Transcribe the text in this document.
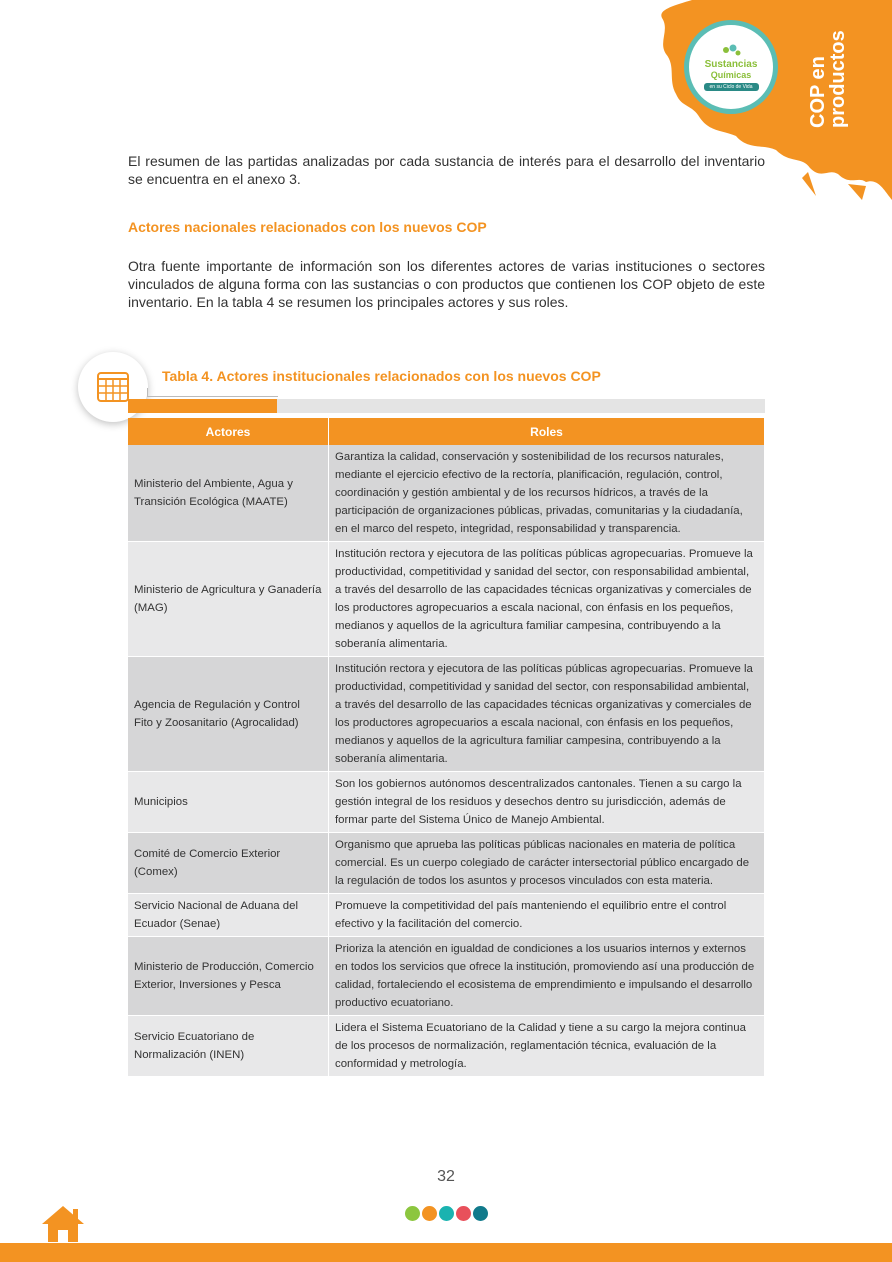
Sustancias
Químicas
en su Ciclo de Vida	COP en
productos

El resumen de las partidas analizadas por cada sustancia de interés para el desarrollo del inventario se encuentra en el anexo 3.

Actores nacionales relacionados con los nuevos COP

Otra fuente importante de información son los diferentes actores de varias instituciones o sectores vinculados de alguna forma con las sustancias o con productos que contienen los COP objeto de este inventario. En la tabla 4 se resumen los principales actores y sus roles.

Tabla 4. Actores institucionales relacionados con los nuevos COP
Actores	Roles
Ministerio del Ambiente, Agua y Transición Ecológica (MAATE)	Garantiza la calidad, conservación y sostenibilidad de los recursos naturales, mediante el ejercicio efectivo de la rectoría, planificación, regulación, control, coordinación y gestión ambiental y de los recursos hídricos, a través de la participación de organizaciones públicas, privadas, comunitarias y la ciudadanía, en el marco del respeto, integridad, responsabilidad y transparencia.
Ministerio de Agricultura y Ganadería (MAG)	Institución rectora y ejecutora de las políticas públicas agropecuarias. Promueve la productividad, competitividad y sanidad del sector, con responsabilidad ambiental, a través del desarrollo de las capacidades técnicas organizativas y comerciales de los productores agropecuarios a escala nacional, con énfasis en los pequeños, medianos y aquellos de la agricultura familiar campesina, contribuyendo a la soberanía alimentaria.
Agencia de Regulación y Control Fito y Zoosanitario (Agrocalidad)	Institución rectora y ejecutora de las políticas públicas agropecuarias. Promueve la productividad, competitividad y sanidad del sector, con responsabilidad ambiental, a través del desarrollo de las capacidades técnicas organizativas y comerciales de los productores agropecuarios a escala nacional, con énfasis en los pequeños, medianos y aquellos de la agricultura familiar campesina, contribuyendo a la soberanía alimentaria.
Municipios	Son los gobiernos autónomos descentralizados cantonales. Tienen a su cargo la gestión integral de los residuos y desechos dentro su jurisdicción, además de formar parte del Sistema Único de Manejo Ambiental.
Comité de Comercio Exterior (Comex)	Organismo que aprueba las políticas públicas nacionales en materia de política comercial. Es un cuerpo colegiado de carácter intersectorial público encargado de la regulación de todos los asuntos y procesos vinculados con esta materia.
Servicio Nacional de Aduana del Ecuador (Senae)	Promueve la competitividad del país manteniendo el equilibrio entre el control efectivo y la facilitación del comercio.
Ministerio de Producción, Comercio Exterior, Inversiones y Pesca	Prioriza la atención en igualdad de condiciones a los usuarios internos y externos en todos los servicios que ofrece la institución, promoviendo así una producción de calidad, fortaleciendo el ecosistema de emprendimiento e impulsando el desarrollo productivo ecuatoriano.
Servicio Ecuatoriano de Normalización (INEN)	Lidera el Sistema Ecuatoriano de la Calidad y tiene a su cargo la mejora continua de los procesos de normalización, reglamentación técnica, evaluación de la conformidad y metrología.
32
